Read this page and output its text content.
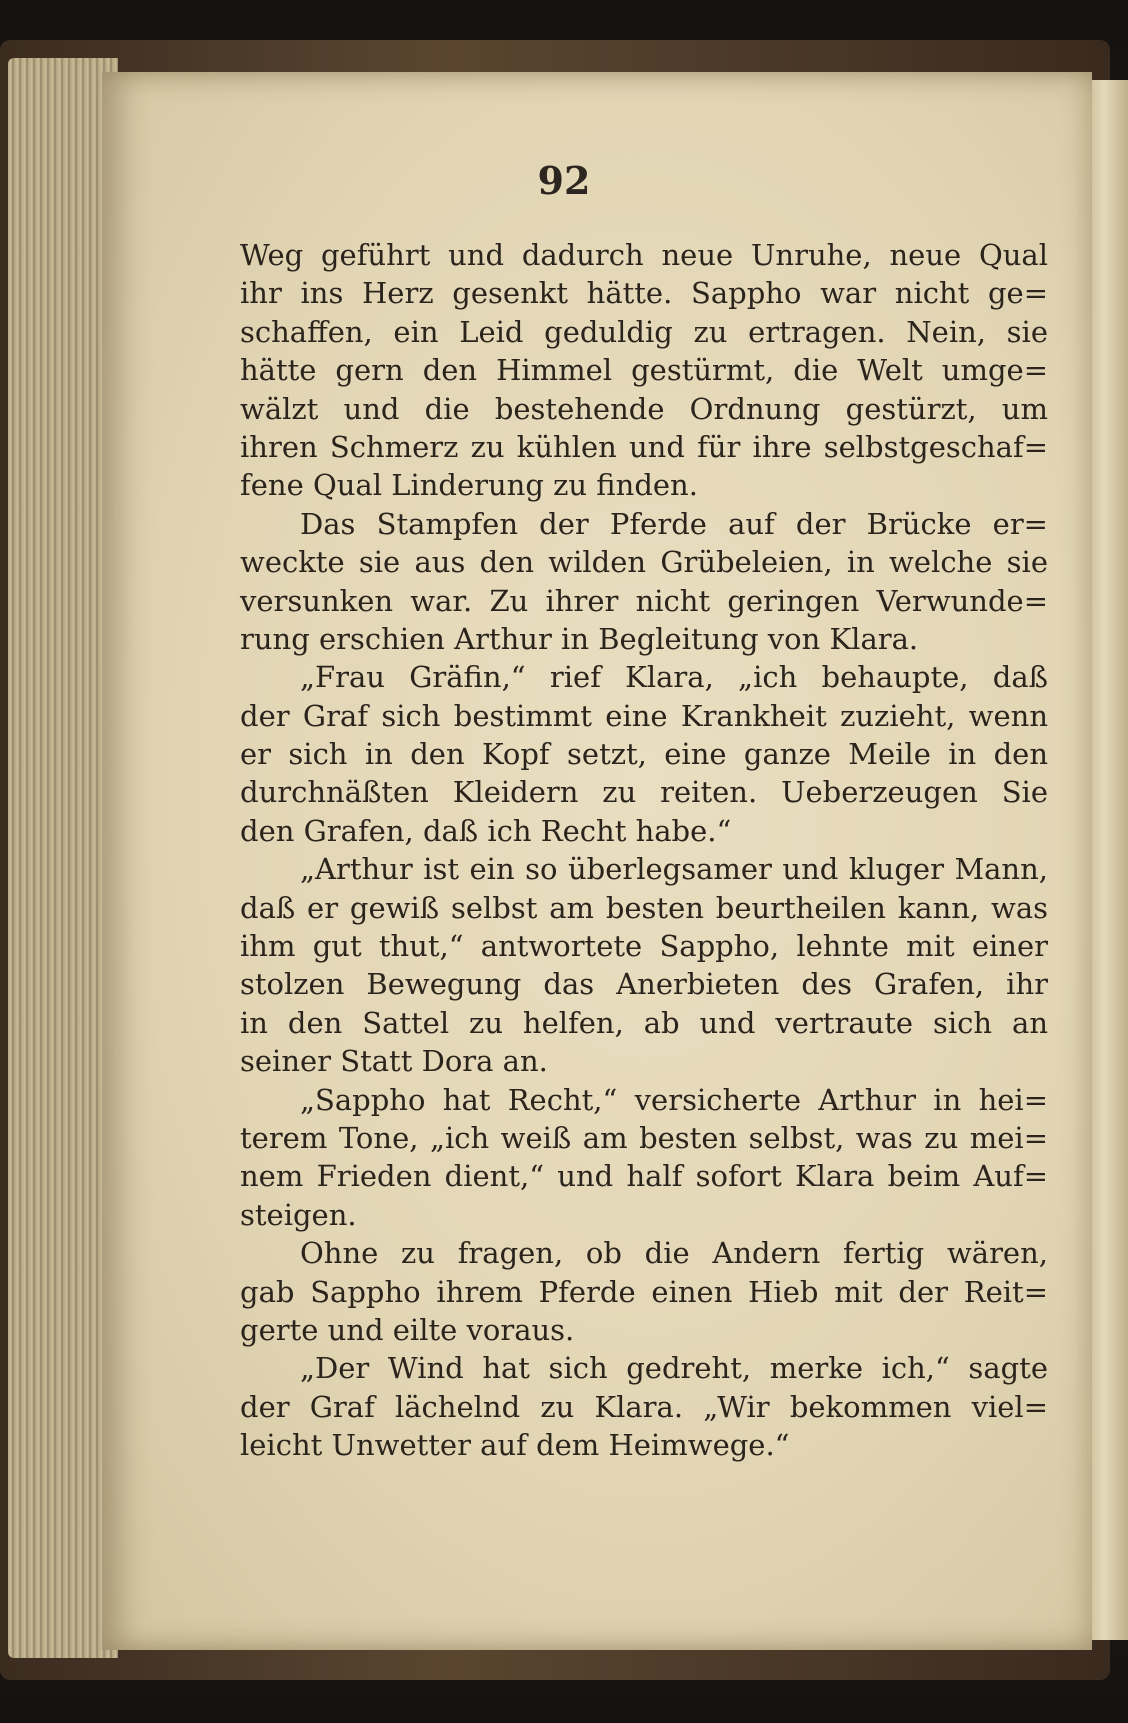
92
Weg geführt und dadurch neue Unruhe, neue Qual
ihr ins Herz gesenkt hätte. Sappho war nicht ge=
schaffen, ein Leid geduldig zu ertragen. Nein, sie
hätte gern den Himmel gestürmt, die Welt umge=
wälzt und die bestehende Ordnung gestürzt, um
ihren Schmerz zu kühlen und für ihre selbstgeschaf=
fene Qual Linderung zu finden.
Das Stampfen der Pferde auf der Brücke er=
weckte sie aus den wilden Grübeleien, in welche sie
versunken war. Zu ihrer nicht geringen Verwunde=
rung erschien Arthur in Begleitung von Klara.
„Frau Gräfin,“ rief Klara, „ich behaupte, daß
der Graf sich bestimmt eine Krankheit zuzieht, wenn
er sich in den Kopf setzt, eine ganze Meile in den
durchnäßten Kleidern zu reiten. Ueberzeugen Sie
den Grafen, daß ich Recht habe.“
„Arthur ist ein so überlegsamer und kluger Mann,
daß er gewiß selbst am besten beurtheilen kann, was
ihm gut thut,“ antwortete Sappho, lehnte mit einer
stolzen Bewegung das Anerbieten des Grafen, ihr
in den Sattel zu helfen, ab und vertraute sich an
seiner Statt Dora an.
„Sappho hat Recht,“ versicherte Arthur in hei=
terem Tone, „ich weiß am besten selbst, was zu mei=
nem Frieden dient,“ und half sofort Klara beim Auf=
steigen.
Ohne zu fragen, ob die Andern fertig wären,
gab Sappho ihrem Pferde einen Hieb mit der Reit=
gerte und eilte voraus.
„Der Wind hat sich gedreht, merke ich,“ sagte
der Graf lächelnd zu Klara. „Wir bekommen viel=
leicht Unwetter auf dem Heimwege.“
